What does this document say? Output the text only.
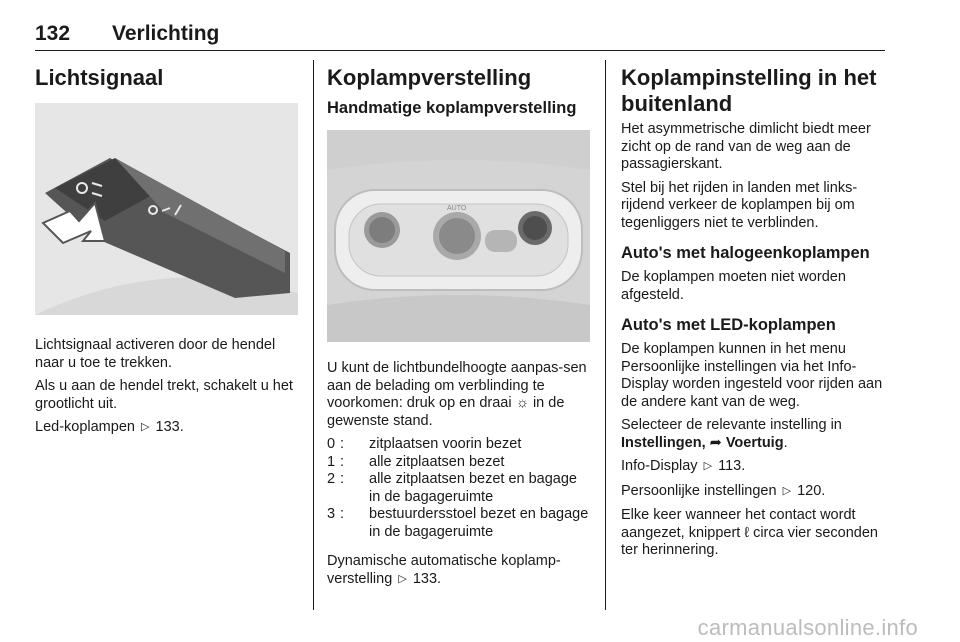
132 Verlichting
Lichtsignaal

Lichtsignaal activeren door de hendel naar u toe te trekken.

Als u aan de hendel trekt, schakelt u het grootlicht uit.

Led-koplampen ▷ 133.

Koplampverstelling
Handmatige koplampverstelling
AUTO

U kunt de lichtbundelhoogte aanpas-sen aan de belading om verblinding te voorkomen: druk op en draai ☼ in de gewenste stand.

0 : zitplaatsen voorin bezet
1 : alle zitplaatsen bezet
2 : alle zitplaatsen bezet en bagage in de bagageruimte
3 : bestuurdersstoel bezet en bagage in de bagageruimte

Dynamische automatische koplamp-verstelling ▷ 133.

Koplampinstelling in het buitenland

Het asymmetrische dimlicht biedt meer zicht op de rand van de weg aan de passagierskant.

Stel bij het rijden in landen met links-rijdend verkeer de koplampen bij om tegenliggers niet te verblinden.

Auto's met halogeenkoplampen

De koplampen moeten niet worden afgesteld.

Auto's met LED-koplampen

De koplampen kunnen in het menu Persoonlijke instellingen via het Info-Display worden ingesteld voor rijden aan de andere kant van de weg.

Selecteer de relevante instelling in Instellingen, ➦ Voertuig.

Info-Display ▷ 113.

Persoonlijke instellingen ▷ 120.

Elke keer wanneer het contact wordt aangezet, knippert ℓ circa vier seconden ter herinnering.

carmanualsonline.info
